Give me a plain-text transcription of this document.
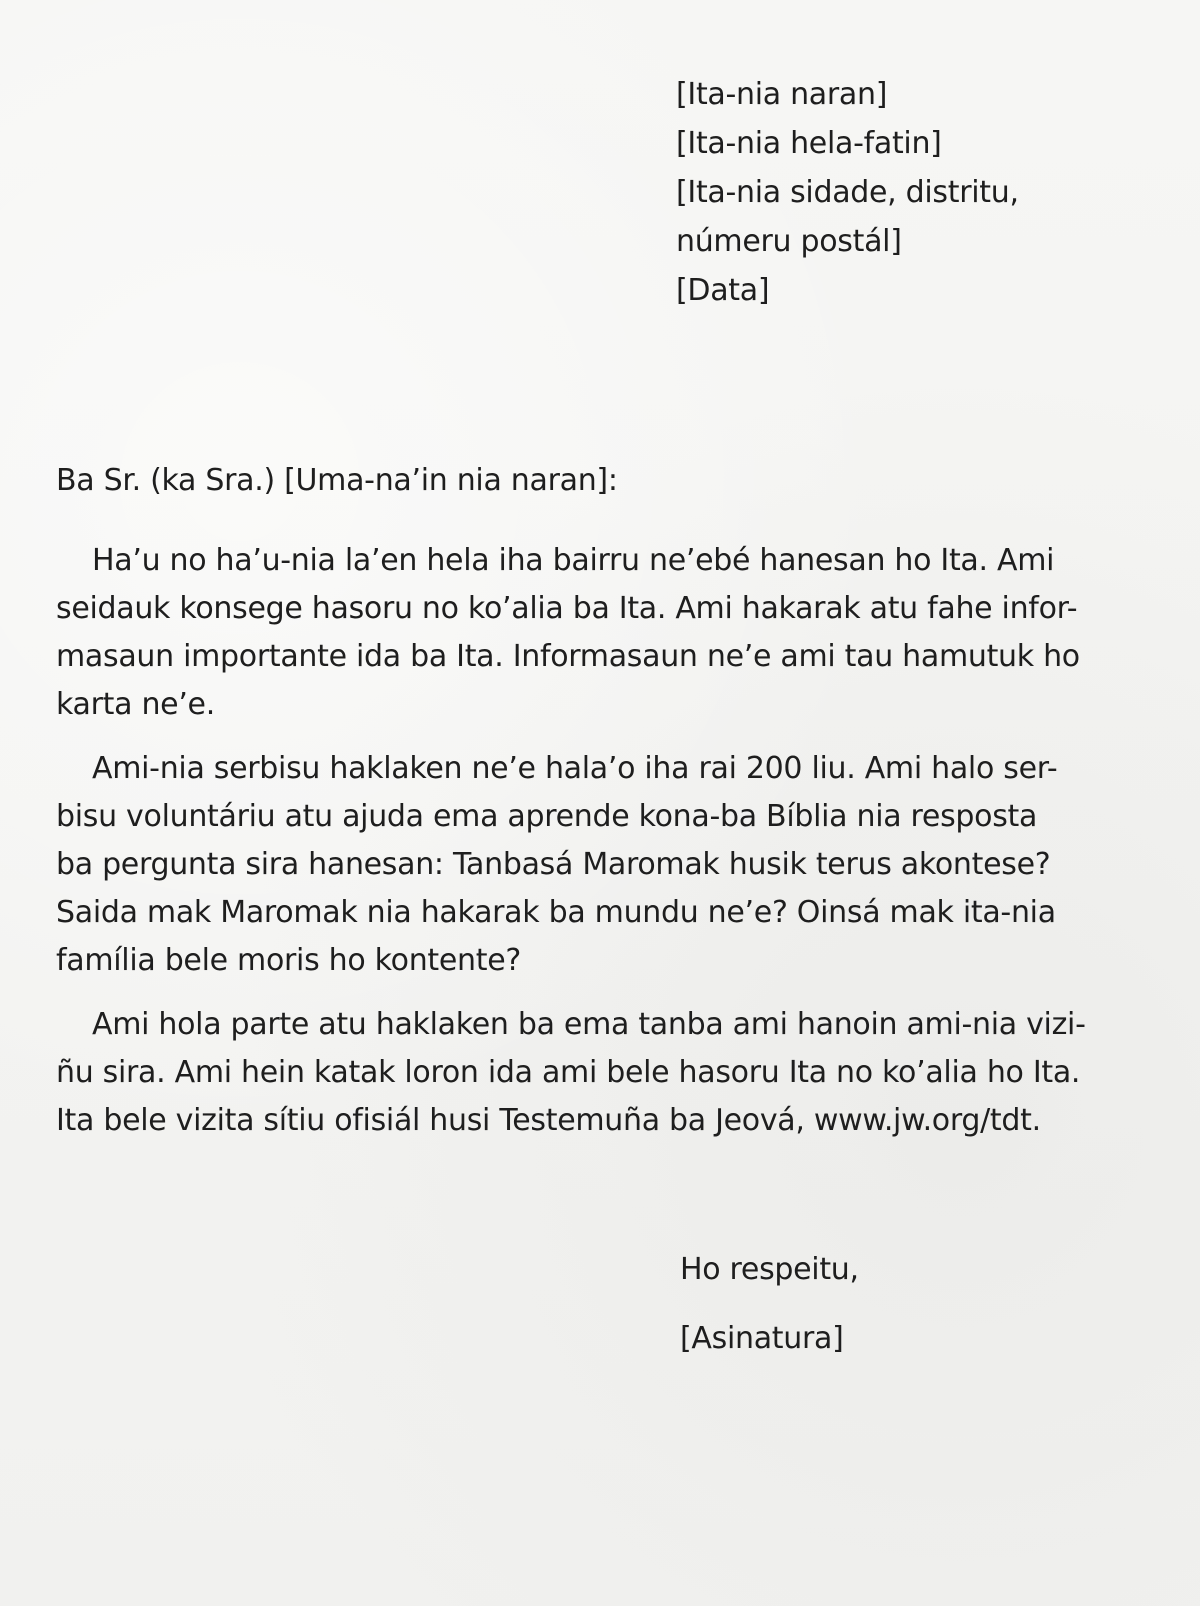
[Ita-nia naran]
[Ita-nia hela-fatin]
[Ita-nia sidade, distritu,
númeru postál]
[Data]
Ba Sr. (ka Sra.) [Uma-na’in nia naran]:
Ha’u no ha’u-nia la’en hela iha bairru ne’ebé hanesan ho Ita. Ami
seidauk konsege hasoru no ko’alia ba Ita. Ami hakarak atu fahe infor-
masaun importante ida ba Ita. Informasaun ne’e ami tau hamutuk ho
karta ne’e.
Ami-nia serbisu haklaken ne’e hala’o iha rai 200 liu. Ami halo ser-
bisu voluntáriu atu ajuda ema aprende kona-ba Bíblia nia resposta
ba pergunta sira hanesan: Tanbasá Maromak husik terus akontese?
Saida mak Maromak nia hakarak ba mundu ne’e? Oinsá mak ita-nia
família bele moris ho kontente?
Ami hola parte atu haklaken ba ema tanba ami hanoin ami-nia vizi-
ñu sira. Ami hein katak loron ida ami bele hasoru Ita no ko’alia ho Ita.
Ita bele vizita sítiu ofisiál husi Testemuña ba Jeová, www.jw.org/tdt.
Ho respeitu,
[Asinatura]
